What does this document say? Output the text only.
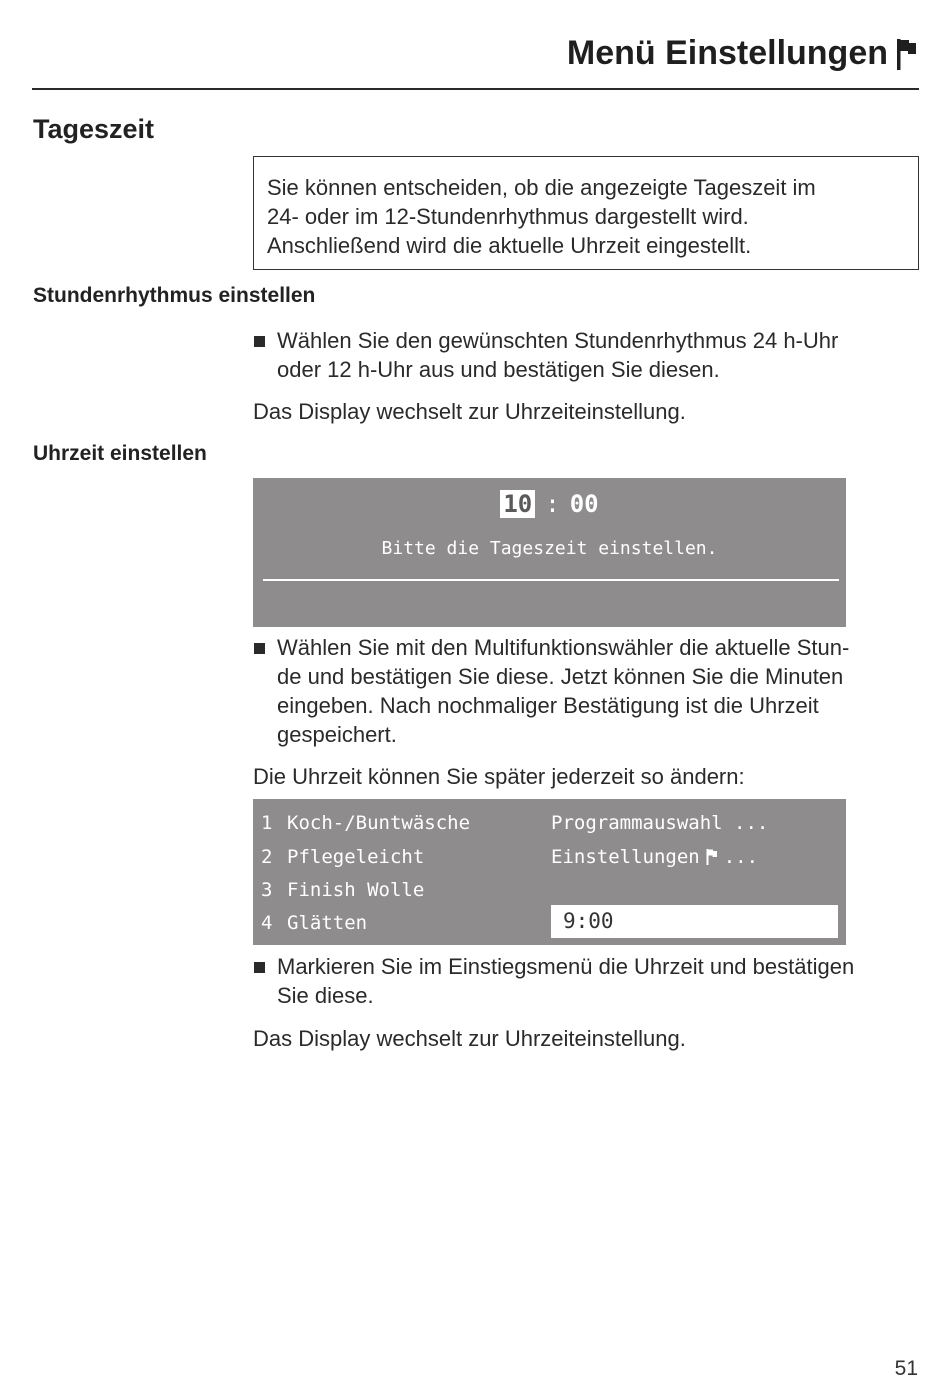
Menü Einstellungen
Tageszeit
Sie können entscheiden, ob die angezeigte Tageszeit im
24- oder im 12-Stundenrhythmus dargestellt wird.
Anschließend wird die aktuelle Uhrzeit eingestellt.
Stundenrhythmus einstellen
Wählen Sie den gewünschten Stundenrhythmus 24 h-Uhr
oder 12 h-Uhr aus und bestätigen Sie diesen.
Das Display wechselt zur Uhrzeiteinstellung.
Uhrzeit einstellen
10 : 00
Bitte die Tageszeit einstellen.
Wählen Sie mit den Multifunktionswähler die aktuelle Stun-
de und bestätigen Sie diese. Jetzt können Sie die Minuten
eingeben. Nach nochmaliger Bestätigung ist die Uhrzeit
gespeichert.
Die Uhrzeit können Sie später jederzeit so ändern:
1 Koch-/Buntwäsche
2 Pflegeleicht
3 Finish Wolle
4 Glätten
Programmauswahl ...
Einstellungen ...
9:00
Markieren Sie im Einstiegsmenü die Uhrzeit und bestätigen
Sie diese.
Das Display wechselt zur Uhrzeiteinstellung.
51
